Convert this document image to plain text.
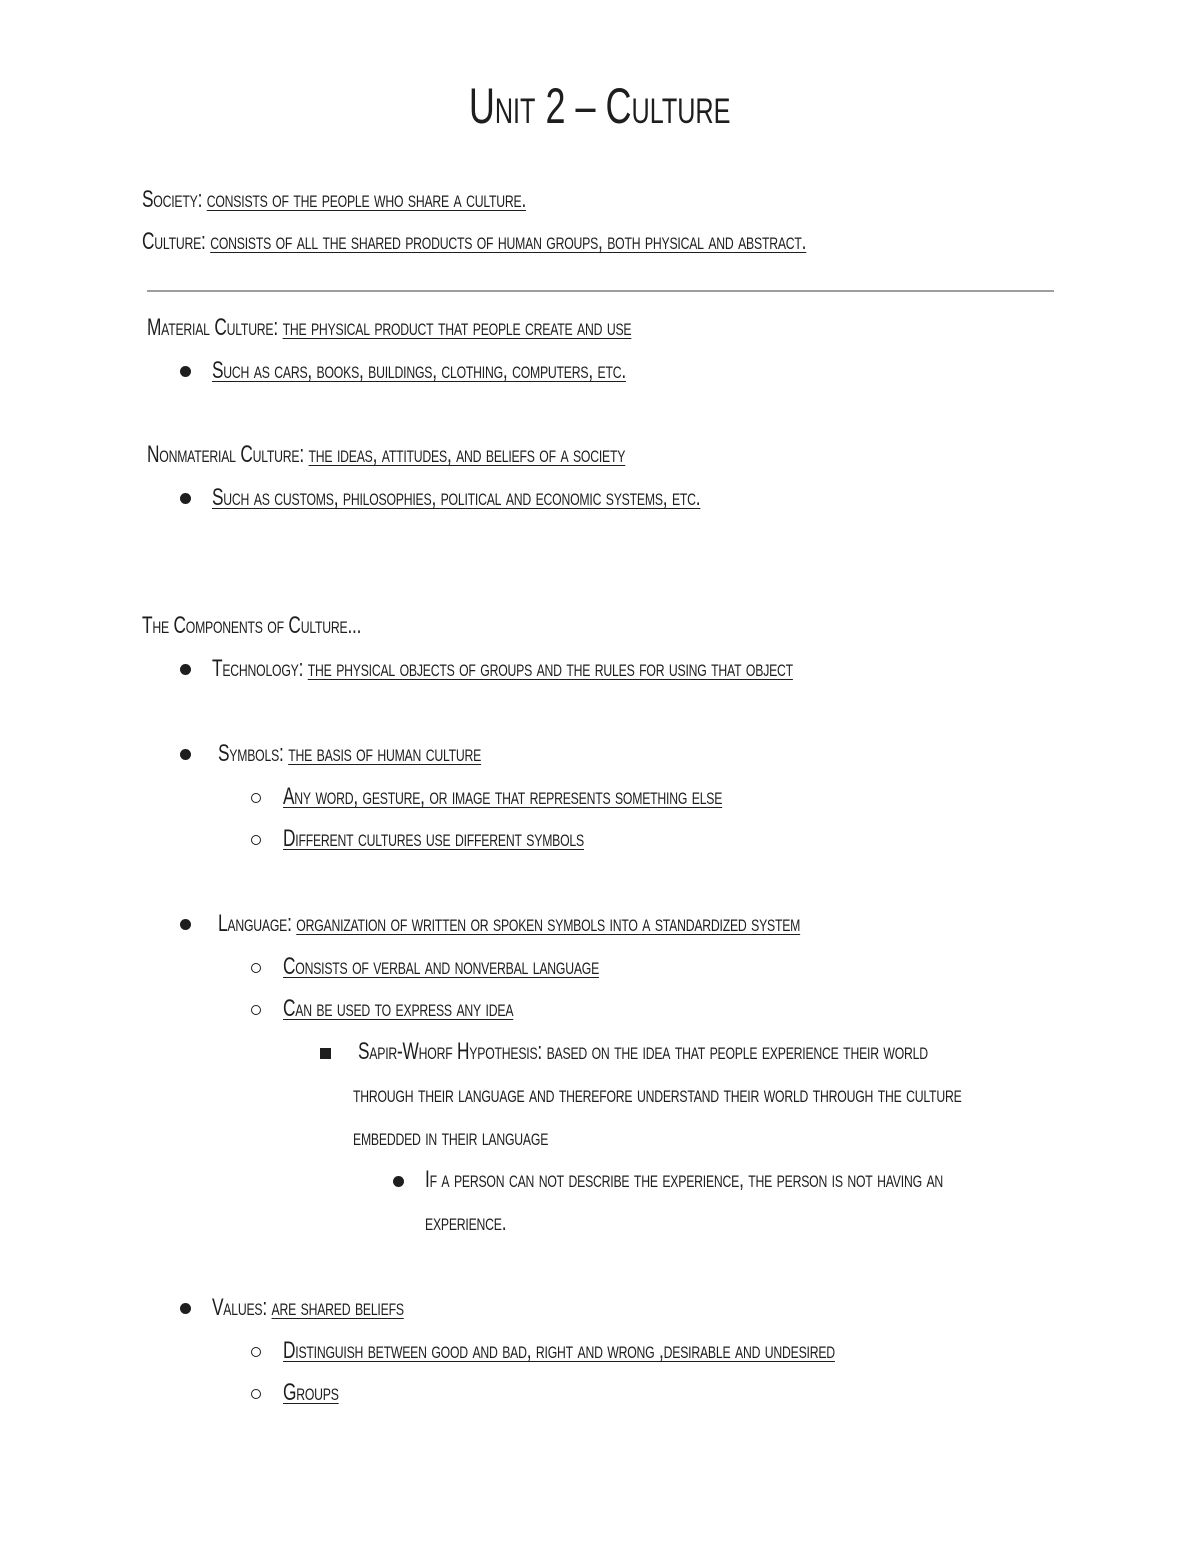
Unit 2 – Culture
Society: consists of the people who share a culture.
Culture: consists of all the shared products of human groups, both physical and abstract.
Material Culture: the physical product that people create and use
Such as cars, books, buildings, clothing, computers, etc.
Nonmaterial Culture: the ideas, attitudes, and beliefs of a society
Such as customs, philosophies, political and economic systems, etc.
The Components of Culture...
Technology: the physical objects of groups and the rules for using that object
Symbols: the basis of human culture
Any word, gesture, or image that represents something else
Different cultures use different symbols
Language: organization of written or spoken symbols into a standardized system
Consists of verbal and nonverbal language
Can be used to express any idea
Sapir-Whorf Hypothesis: based on the idea that people experience their world
through their language and therefore understand their world through the culture
embedded in their language
If a person can not describe the experience, the person is not having an
experience.
Values: are shared beliefs
Distinguish between good and bad, right and wrong ,desirable and undesired
Groups
